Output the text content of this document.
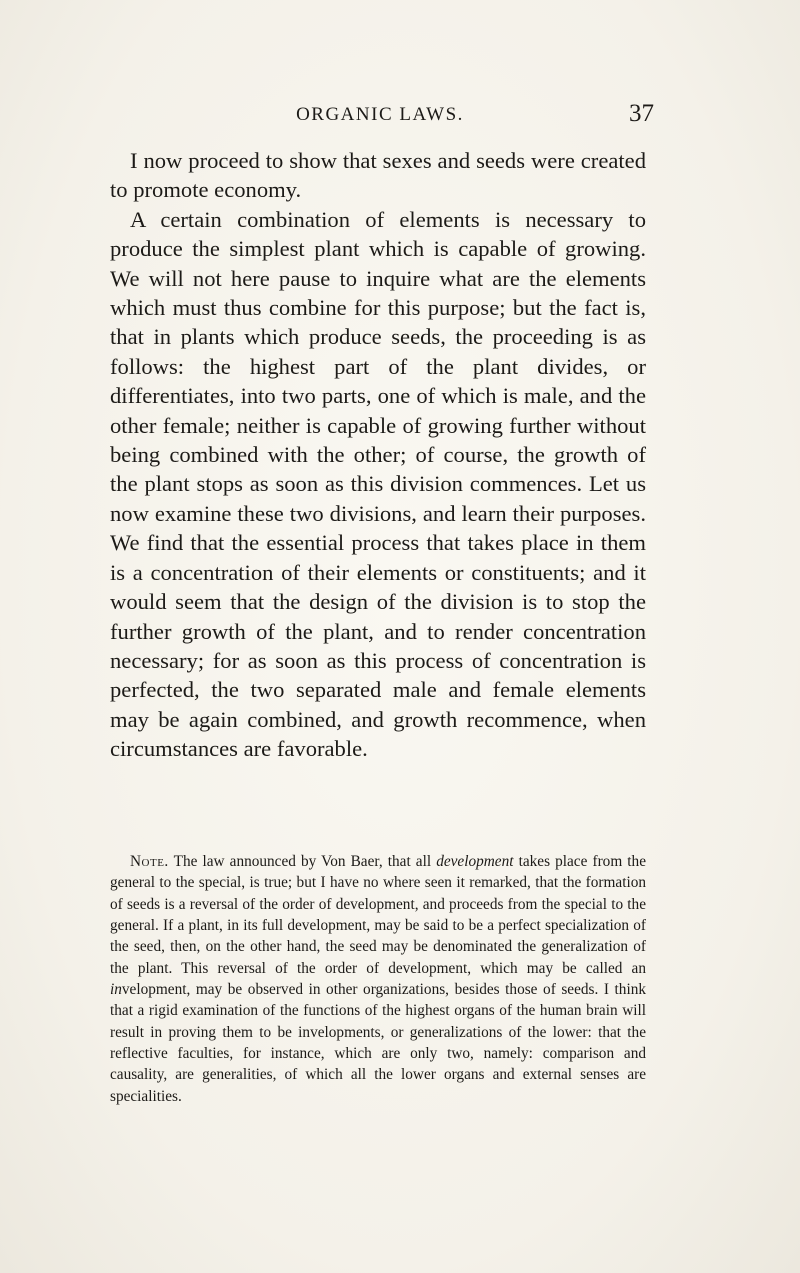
ORGANIC LAWS.	37

I now proceed to show that sexes and seeds were created to promote economy.

A certain combination of elements is necessary to produce the simplest plant which is capable of growing. We will not here pause to inquire what are the elements which must thus combine for this purpose; but the fact is, that in plants which produce seeds, the proceeding is as follows: the highest part of the plant divides, or differentiates, into two parts, one of which is male, and the other female; neither is capable of growing further without being combined with the other; of course, the growth of the plant stops as soon as this division commences. Let us now examine these two divisions, and learn their purposes. We find that the essential process that takes place in them is a concentration of their elements or constituents; and it would seem that the design of the division is to stop the further growth of the plant, and to render concentration necessary; for as soon as this process of concentration is perfected, the two separated male and female elements may be again combined, and growth recommence, when circumstances are favorable.

Note. The law announced by Von Baer, that all development takes place from the general to the special, is true; but I have no where seen it remarked, that the formation of seeds is a reversal of the order of development, and proceeds from the special to the general. If a plant, in its full development, may be said to be a perfect specialization of the seed, then, on the other hand, the seed may be denominated the generalization of the plant. This reversal of the order of development, which may be called an invelopment, may be observed in other organizations, besides those of seeds. I think that a rigid examination of the functions of the highest organs of the human brain will result in proving them to be invelopments, or generalizations of the lower: that the reflective faculties, for instance, which are only two, namely: comparison and causality, are generalities, of which all the lower organs and external senses are specialities.
